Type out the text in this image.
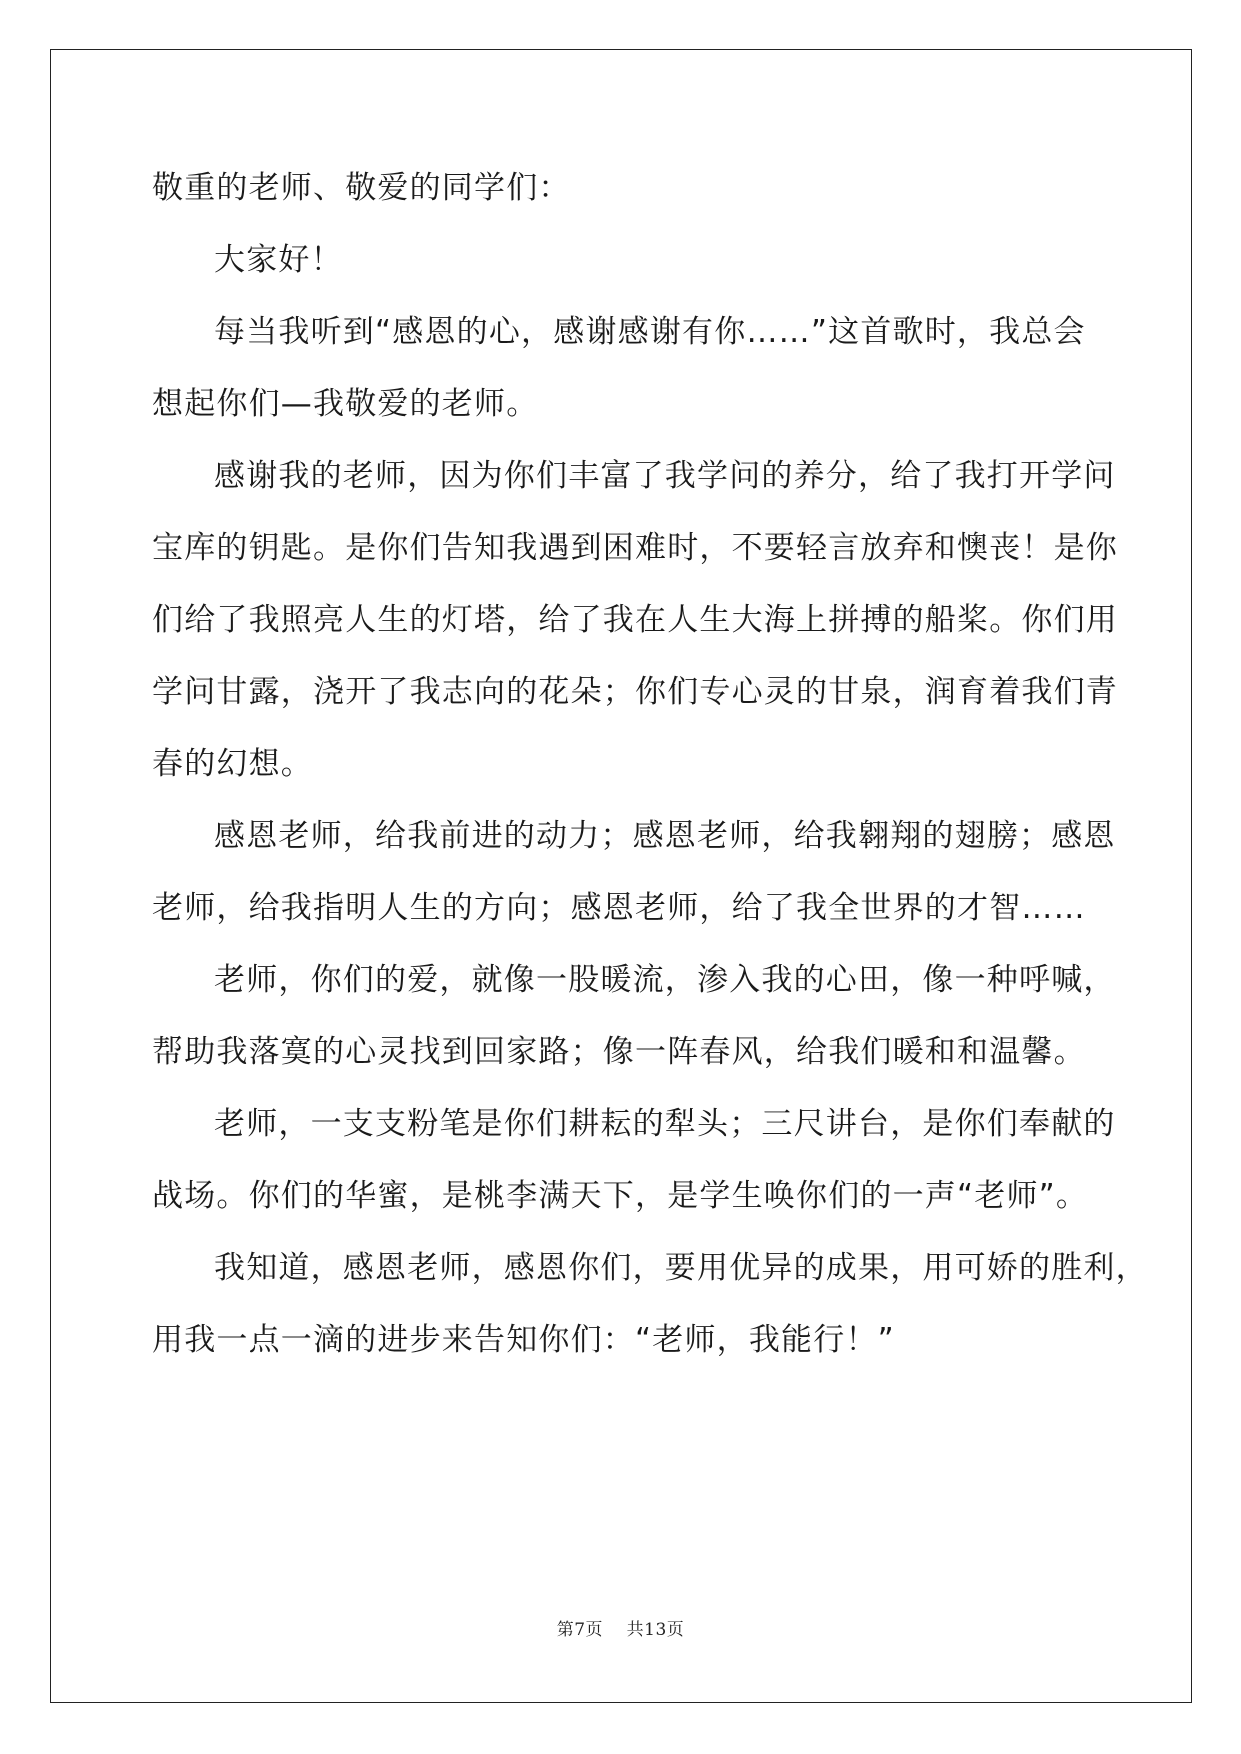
敬重的老师、敬爱的同学们：
大家好！
每当我听到“感恩的心，感谢感谢有你……”这首歌时，我总会
想起你们—我敬爱的老师。
感谢我的老师，因为你们丰富了我学问的养分，给了我打开学问
宝库的钥匙。是你们告知我遇到困难时，不要轻言放弃和懊丧！是你
们给了我照亮人生的灯塔，给了我在人生大海上拼搏的船桨。你们用
学问甘露，浇开了我志向的花朵；你们专心灵的甘泉，润育着我们青
春的幻想。
感恩老师，给我前进的动力；感恩老师，给我翱翔的翅膀；感恩
老师，给我指明人生的方向；感恩老师，给了我全世界的才智……
老师，你们的爱，就像一股暖流，渗入我的心田，像一种呼喊，
帮助我落寞的心灵找到回家路；像一阵春风，给我们暖和和温馨。
老师，一支支粉笔是你们耕耘的犁头；三尺讲台，是你们奉献的
战场。你们的华蜜，是桃李满天下，是学生唤你们的一声“老师”。
我知道，感恩老师，感恩你们，要用优异的成果，用可娇的胜利，
用我一点一滴的进步来告知你们：“老师，我能行！”
第7页 共13页
